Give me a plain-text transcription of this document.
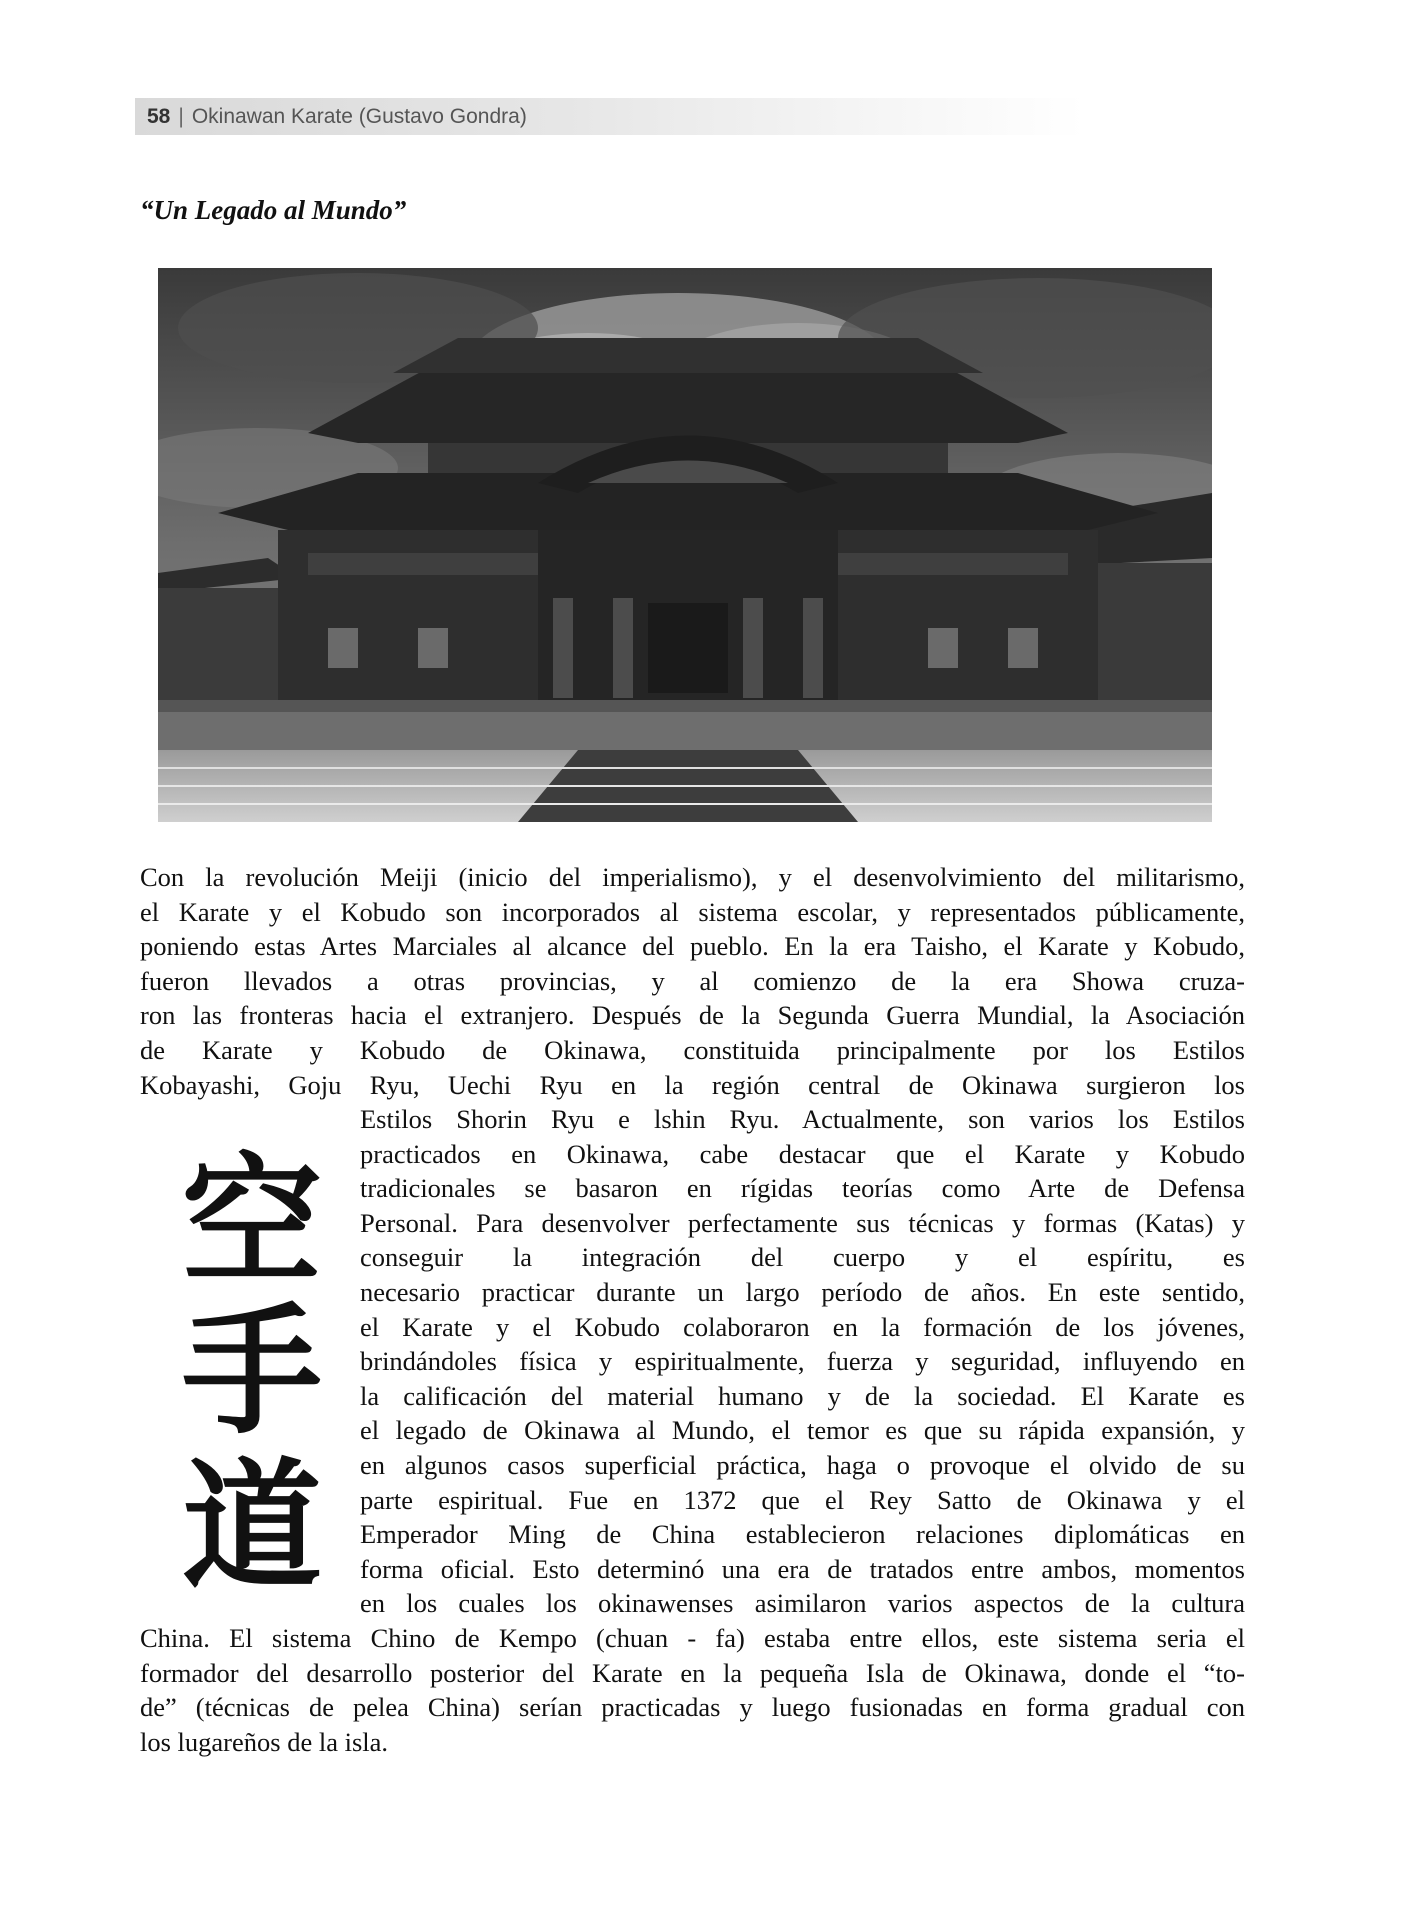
58 | Okinawan Karate (Gustavo Gondra)
“Un Legado al Mundo”
Con la revolución Meiji (inicio del imperialismo), y el desenvolvimiento del militarismo,
el Karate y el Kobudo son incorporados al sistema escolar, y representados públicamente,
poniendo estas Artes Marciales al alcance del pueblo. En la era Taisho, el Karate y Kobudo,
fueron llevados a otras provincias, y al comienzo de la era Showa cruza-
ron las fronteras hacia el extranjero. Después de la Segunda Guerra Mundial, la Asociación
de Karate y Kobudo de Okinawa, constituida principalmente por los Estilos
Kobayashi, Goju Ryu, Uechi Ryu en la región central de Okinawa surgieron los
空
手
道
Estilos Shorin Ryu e lshin Ryu. Actualmente, son varios los Estilos
practicados en Okinawa, cabe destacar que el Karate y Kobudo
tradicionales se basaron en rígidas teorías como Arte de Defensa
Personal. Para desenvolver perfectamente sus técnicas y formas (Katas) y
conseguir la integración del cuerpo y el espíritu, es
necesario practicar durante un largo período de años. En este sentido,
el Karate y el Kobudo colaboraron en la formación de los jóvenes,
brindándoles física y espiritualmente, fuerza y seguridad, influyendo en
la calificación del material humano y de la sociedad. El Karate es
el legado de Okinawa al Mundo, el temor es que su rápida expansión, y
en algunos casos superficial práctica, haga o provoque el olvido de su
parte espiritual. Fue en 1372 que el Rey Satto de Okinawa y el
Emperador Ming de China establecieron relaciones diplomáticas en
forma oficial. Esto determinó una era de tratados entre ambos, momentos
en los cuales los okinawenses asimilaron varios aspectos de la cultura
China. El sistema Chino de Kempo (chuan - fa) estaba entre ellos, este sistema seria el
formador del desarrollo posterior del Karate en la pequeña Isla de Okinawa, donde el “to-
de” (técnicas de pelea China) serían practicadas y luego fusionadas en forma gradual con
los lugareños de la isla.
